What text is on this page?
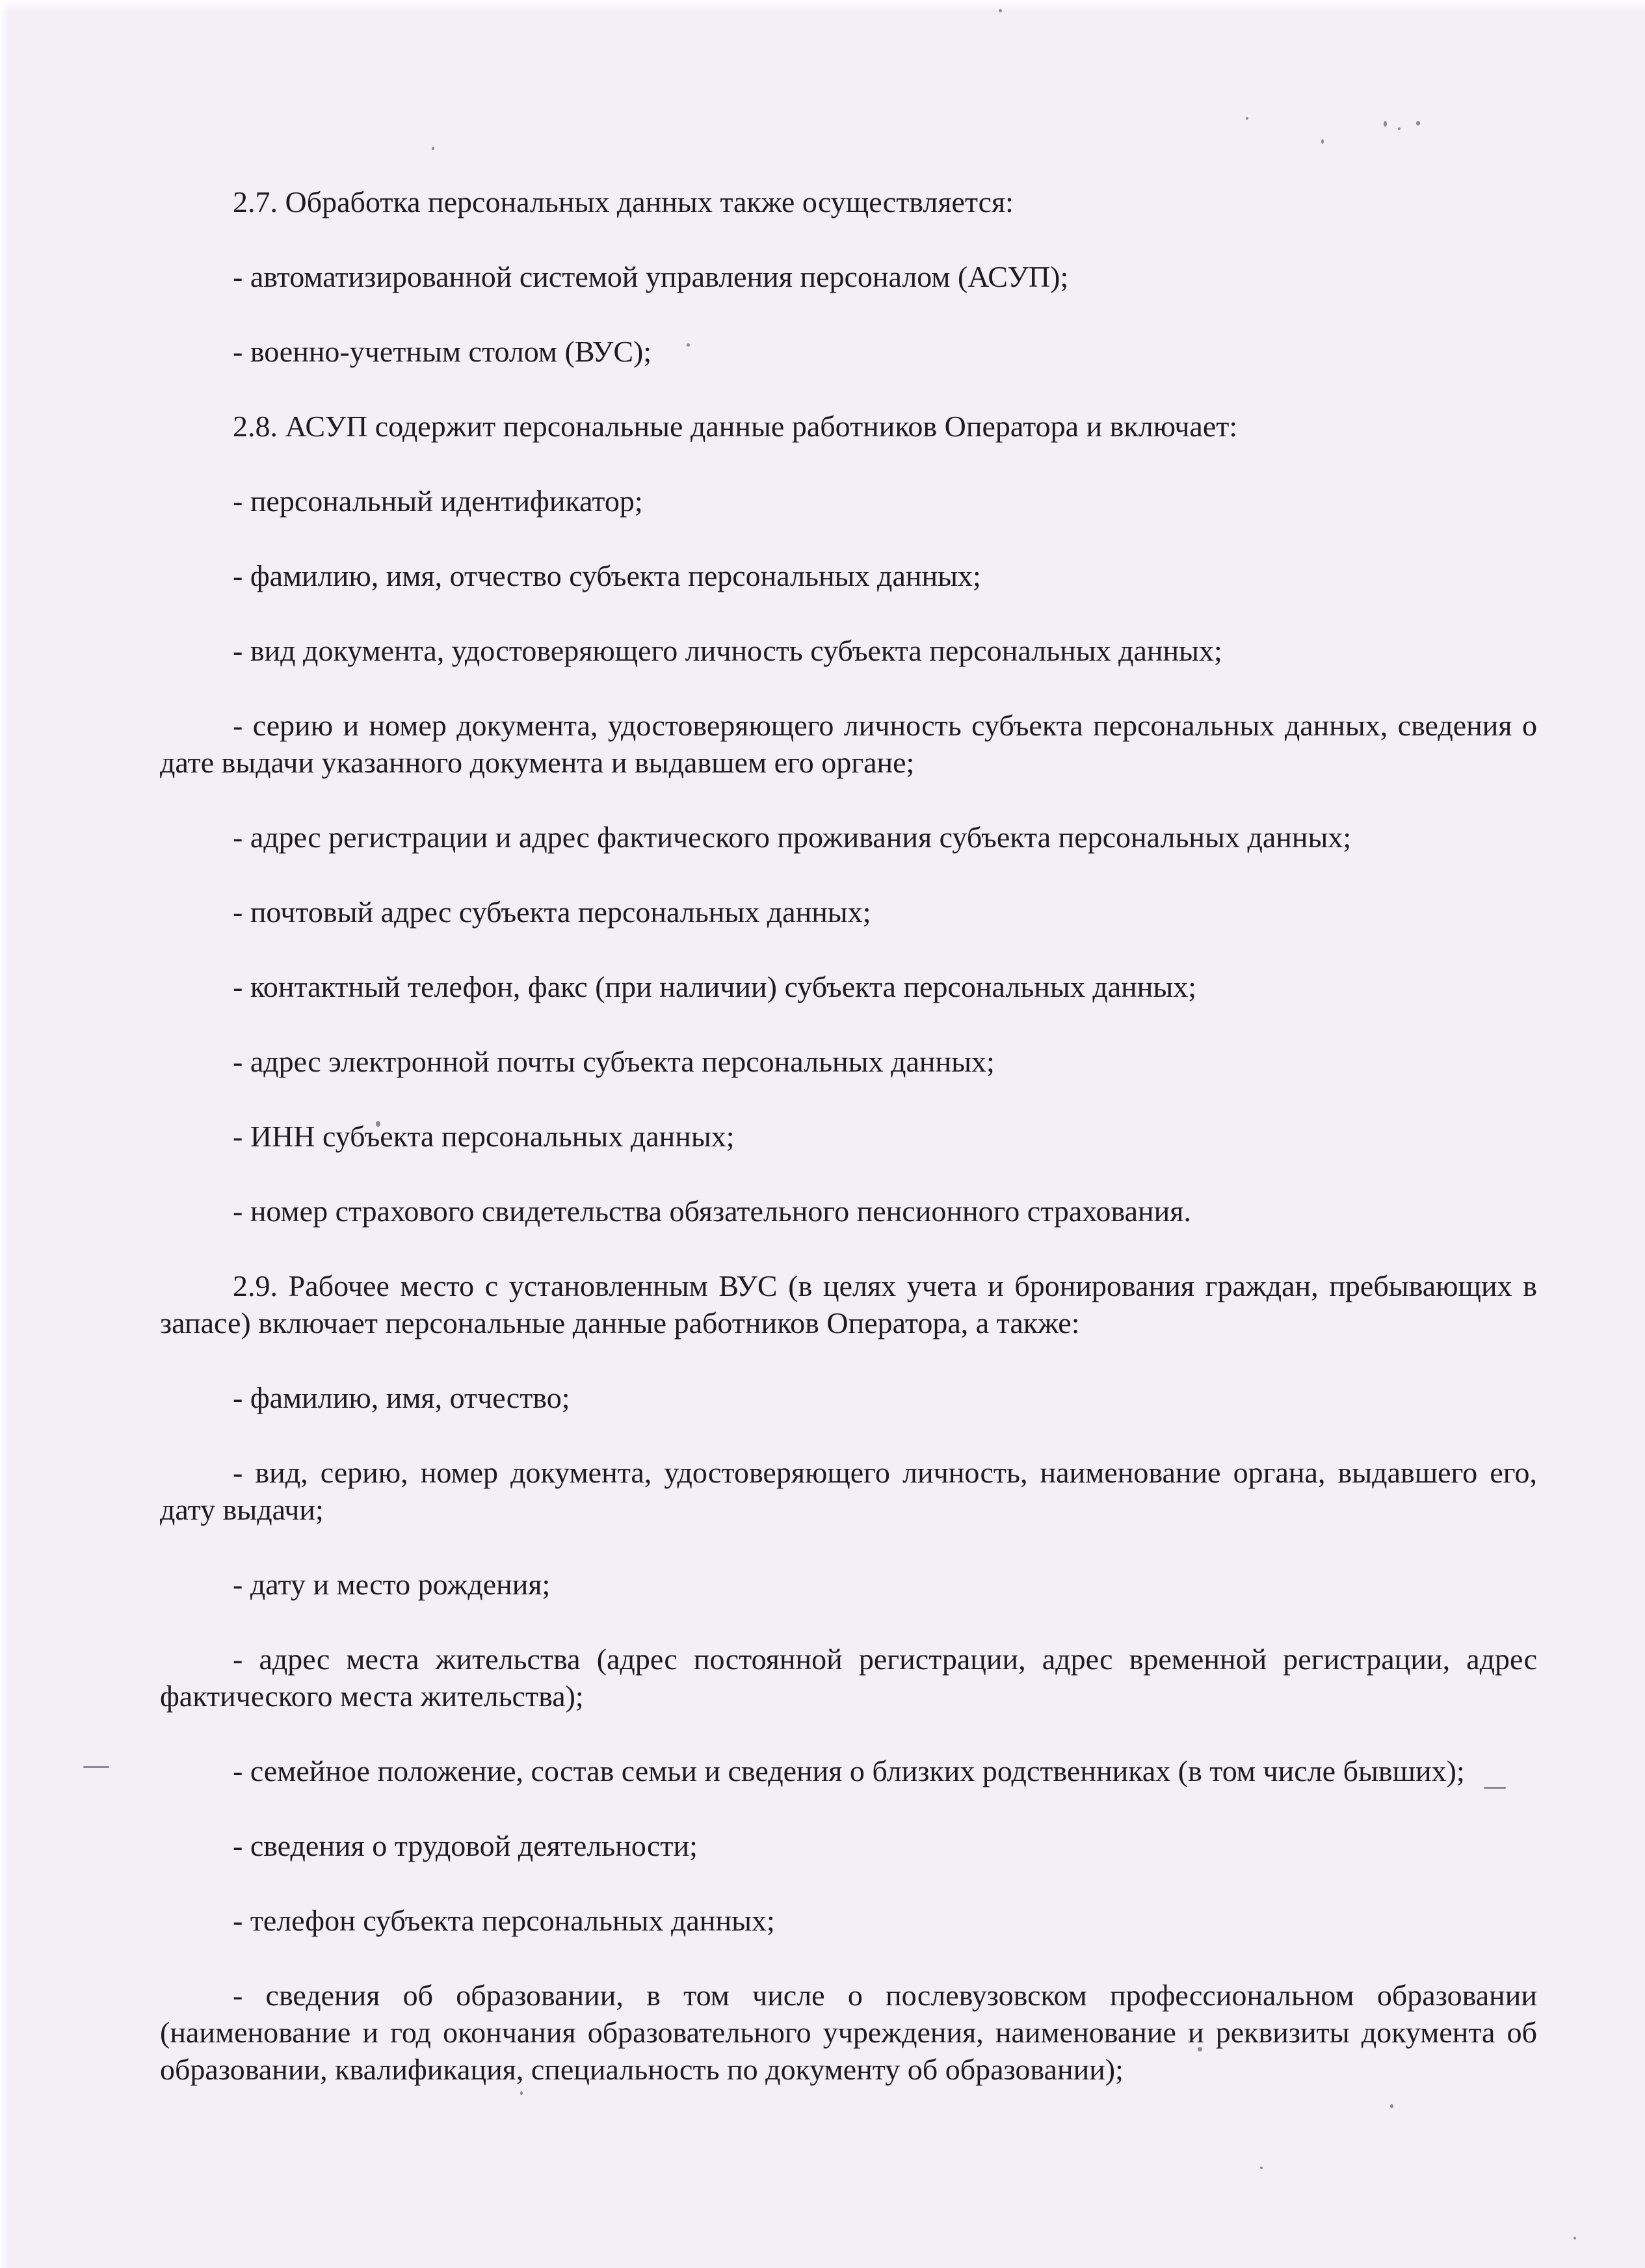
2.7. Обработка персональных данных также осуществляется:

- автоматизированной системой управления персоналом (АСУП);

- военно-учетным столом (ВУС);

2.8. АСУП содержит персональные данные работников Оператора и включает:

- персональный идентификатор;

- фамилию, имя, отчество субъекта персональных данных;

- вид документа, удостоверяющего личность субъекта персональных данных;

- серию и номер документа, удостоверяющего личность субъекта персональных данных, сведения о дате выдачи указанного документа и выдавшем его органе;

- адрес регистрации и адрес фактического проживания субъекта персональных данных;

- почтовый адрес субъекта персональных данных;

- контактный телефон, факс (при наличии) субъекта персональных данных;

- адрес электронной почты субъекта персональных данных;

- ИНН субъекта персональных данных;

- номер страхового свидетельства обязательного пенсионного страхования.

2.9. Рабочее место с установленным ВУС (в целях учета и бронирования граждан, пребывающих в запасе) включает персональные данные работников Оператора, а также:

- фамилию, имя, отчество;

- вид, серию, номер документа, удостоверяющего личность, наименование органа, выдавшего его, дату выдачи;

- дату и место рождения;

- адрес места жительства (адрес постоянной регистрации, адрес временной регистрации, адрес фактического места жительства);

- семейное положение, состав семьи и сведения о близких родственниках (в том числе бывших);

- сведения о трудовой деятельности;

- телефон субъекта персональных данных;

- сведения об образовании, в том числе о послевузовском профессиональном образовании (наименование и год окончания образовательного учреждения, наименование и реквизиты документа об образовании, квалификация, специальность по документу об образовании);
